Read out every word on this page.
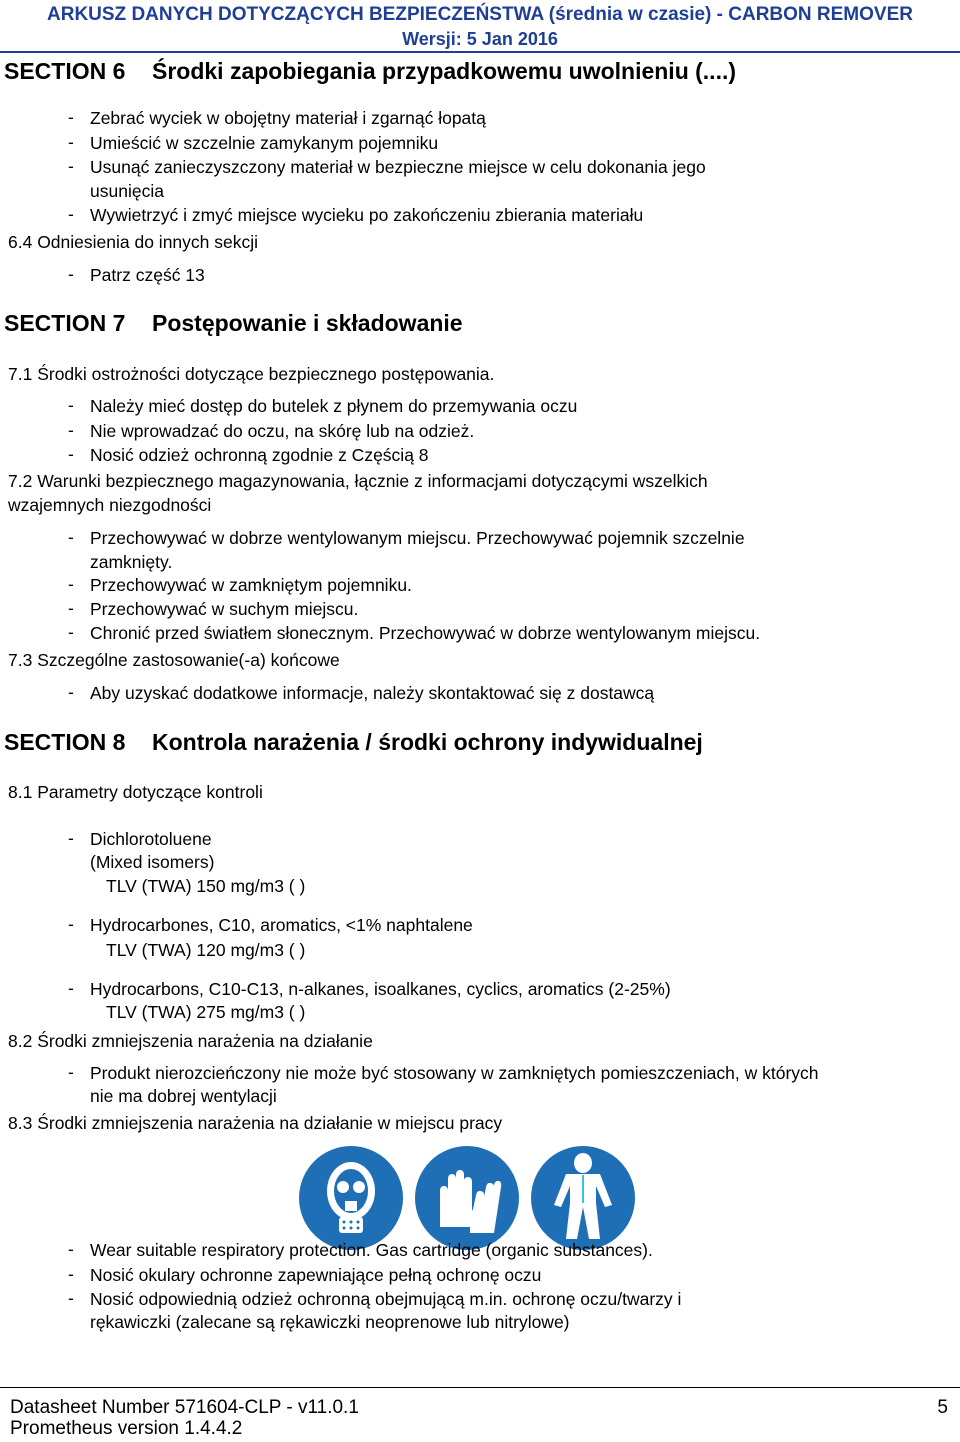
ARKUSZ DANYCH DOTYCZĄCYCH BEZPIECZEŃSTWA (średnia w czasie) - CARBON REMOVER
Wersji: 5 Jan 2016
SECTION 6 Środki zapobiegania przypadkowemu uwolnieniu (....)
- Zebrać wyciek w obojętny materiał i zgarnąć łopatą
- Umieścić w szczelnie zamykanym pojemniku
- Usunąć zanieczyszczony materiał w bezpieczne miejsce w celu dokonania jego
usunięcia
- Wywietrzyć i zmyć miejsce wycieku po zakończeniu zbierania materiału
6.4 Odniesienia do innych sekcji
- Patrz część 13
SECTION 7 Postępowanie i składowanie
7.1 Środki ostrożności dotyczące bezpiecznego postępowania.
- Należy mieć dostęp do butelek z płynem do przemywania oczu
- Nie wprowadzać do oczu, na skórę lub na odzież.
- Nosić odzież ochronną zgodnie z Częścią 8
7.2 Warunki bezpiecznego magazynowania, łącznie z informacjami dotyczącymi wszelkich
wzajemnych niezgodności
- Przechowywać w dobrze wentylowanym miejscu. Przechowywać pojemnik szczelnie
zamknięty.
- Przechowywać w zamkniętym pojemniku.
- Przechowywać w suchym miejscu.
- Chronić przed światłem słonecznym. Przechowywać w dobrze wentylowanym miejscu.
7.3 Szczególne zastosowanie(-a) końcowe
- Aby uzyskać dodatkowe informacje, należy skontaktować się z dostawcą
SECTION 8 Kontrola narażenia / środki ochrony indywidualnej
8.1 Parametry dotyczące kontroli
- Dichlorotoluene
(Mixed isomers)
TLV (TWA) 150 mg/m3 ( )
- Hydrocarbones, C10, aromatics, <1% naphtalene
TLV (TWA) 120 mg/m3 ( )
- Hydrocarbons, C10-C13, n-alkanes, isoalkanes, cyclics, aromatics (2-25%)
TLV (TWA) 275 mg/m3 ( )
8.2 Środki zmniejszenia narażenia na działanie
- Produkt nierozcieńczony nie może być stosowany w zamkniętych pomieszczeniach, w których
nie ma dobrej wentylacji
8.3 Środki zmniejszenia narażenia na działanie w miejscu pracy
- Wear suitable respiratory protection. Gas cartridge (organic substances).
- Nosić okulary ochronne zapewniające pełną ochronę oczu
- Nosić odpowiednią odzież ochronną obejmującą m.in. ochronę oczu/twarzy i
rękawiczki (zalecane są rękawiczki neoprenowe lub nitrylowe)
Datasheet Number 571604-CLP - v11.0.1	5
Prometheus version 1.4.4.2
